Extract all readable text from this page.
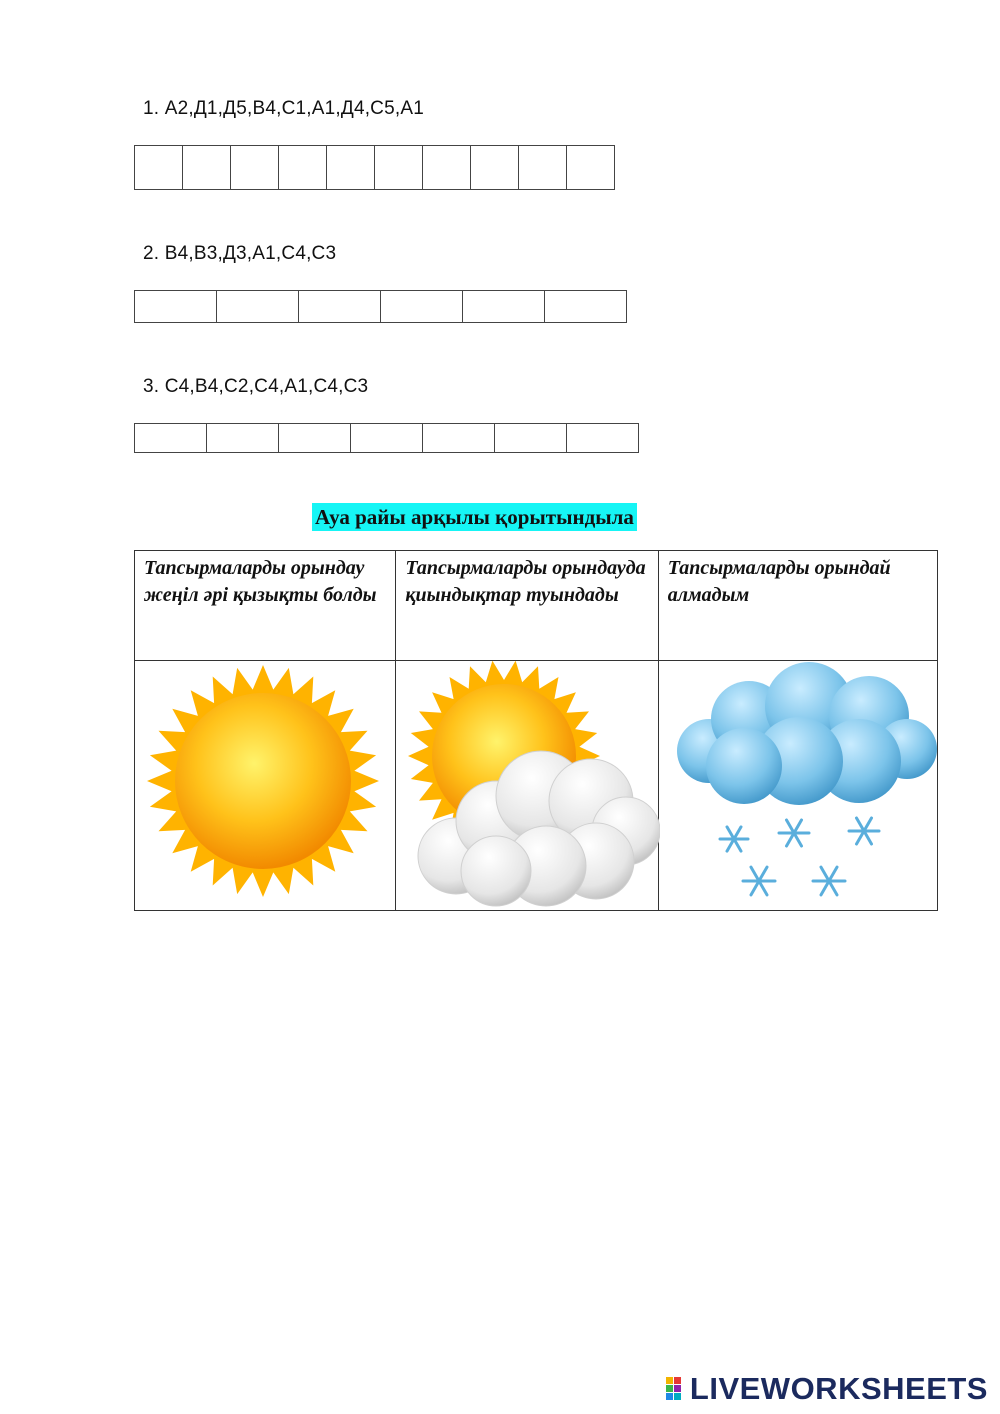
1. А2,Д1,Д5,В4,С1,А1,Д4,С5,А1

2. В4,В3,Д3,А1,С4,С3

3. С4,В4,С2,С4,А1,С4,С3

Ауа райы арқылы қорытындыла
Тапсырмаларды орындау жеңіл әрі қызықты болды	Тапсырмаларды орындауда қиындықтар туындады	Тапсырмаларды орындай алмадым

LIVEWORKSHEETS
